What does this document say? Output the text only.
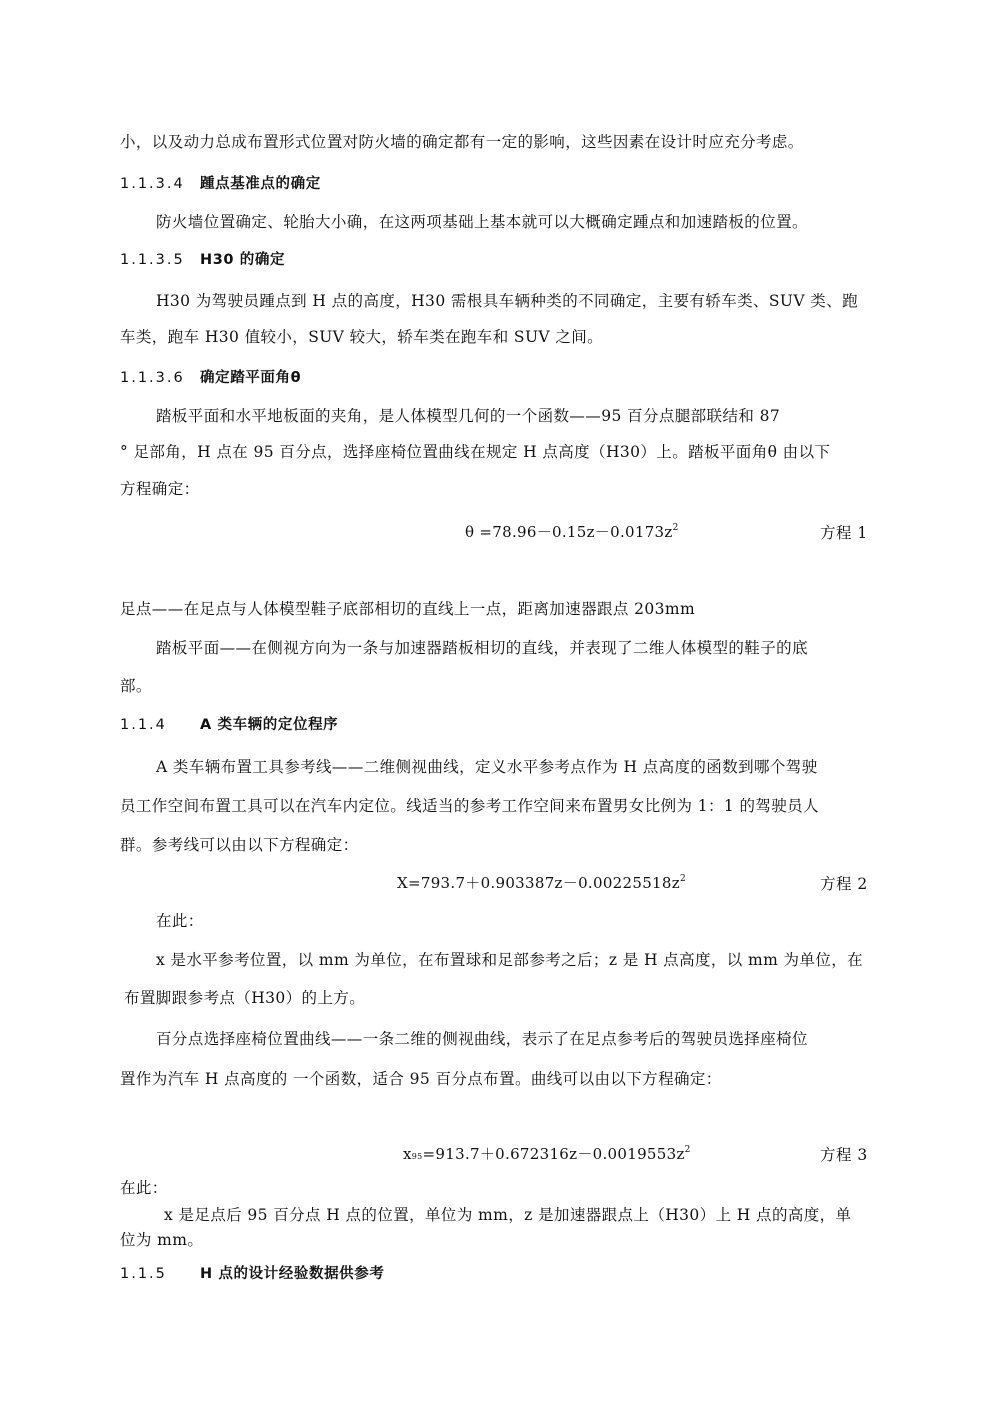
小，以及动力总成布置形式位置对防火墙的确定都有一定的影响，这些因素在设计时应充分考虑。
1.1.3.4 踵点基准点的确定
防火墙位置确定、轮胎大小确，在这两项基础上基本就可以大概确定踵点和加速踏板的位置。
1.1.3.5 H30 的确定
H30 为驾驶员踵点到 H 点的高度，H30 需根具车辆种类的不同确定，主要有轿车类、SUV 类、跑
车类，跑车 H30 值较小，SUV 较大，轿车类在跑车和 SUV 之间。
1.1.3.6 确定踏平面角θ
踏板平面和水平地板面的夹角，是人体模型几何的一个函数——95 百分点腿部联结和 87
° 足部角，H 点在 95 百分点，选择座椅位置曲线在规定 H 点高度（H30）上。踏板平面角θ 由以下
方程确定：
$\theta =78.96-0.15z-0.0173z^2$	方程 1
足点——在足点与人体模型鞋子底部相切的直线上一点，距离加速器跟点 203mm
踏板平面——在侧视方向为一条与加速器踏板相切的直线，并表现了二维人体模型的鞋子的底
部。
1.1.4 A 类车辆的定位程序
A 类车辆布置工具参考线——二维侧视曲线，定义水平参考点作为 H 点高度的函数到哪个驾驶
员工作空间布置工具可以在汽车内定位。线适当的参考工作空间来布置男女比例为 1：1 的驾驶员人
群。参考线可以由以下方程确定：
$X=793.7+0.903387z-0.00225518z^2$	方程 2
在此：
x 是水平参考位置，以 mm 为单位，在布置球和足部参考之后；z 是 H 点高度，以 mm 为单位，在
布置脚跟参考点（H30）的上方。
百分点选择座椅位置曲线——一条二维的侧视曲线，表示了在足点参考后的驾驶员选择座椅位
置作为汽车 H 点高度的 一个函数，适合 95 百分点布置。曲线可以由以下方程确定：
$x95=913.7+0.672316z-0.0019553z^2$	方程 3
在此：
x 是足点后 95 百分点 H 点的位置，单位为 mm，z 是加速器跟点上（H30）上 H 点的高度，单
位为 mm。
1.1.5 H 点的设计经验数据供参考
